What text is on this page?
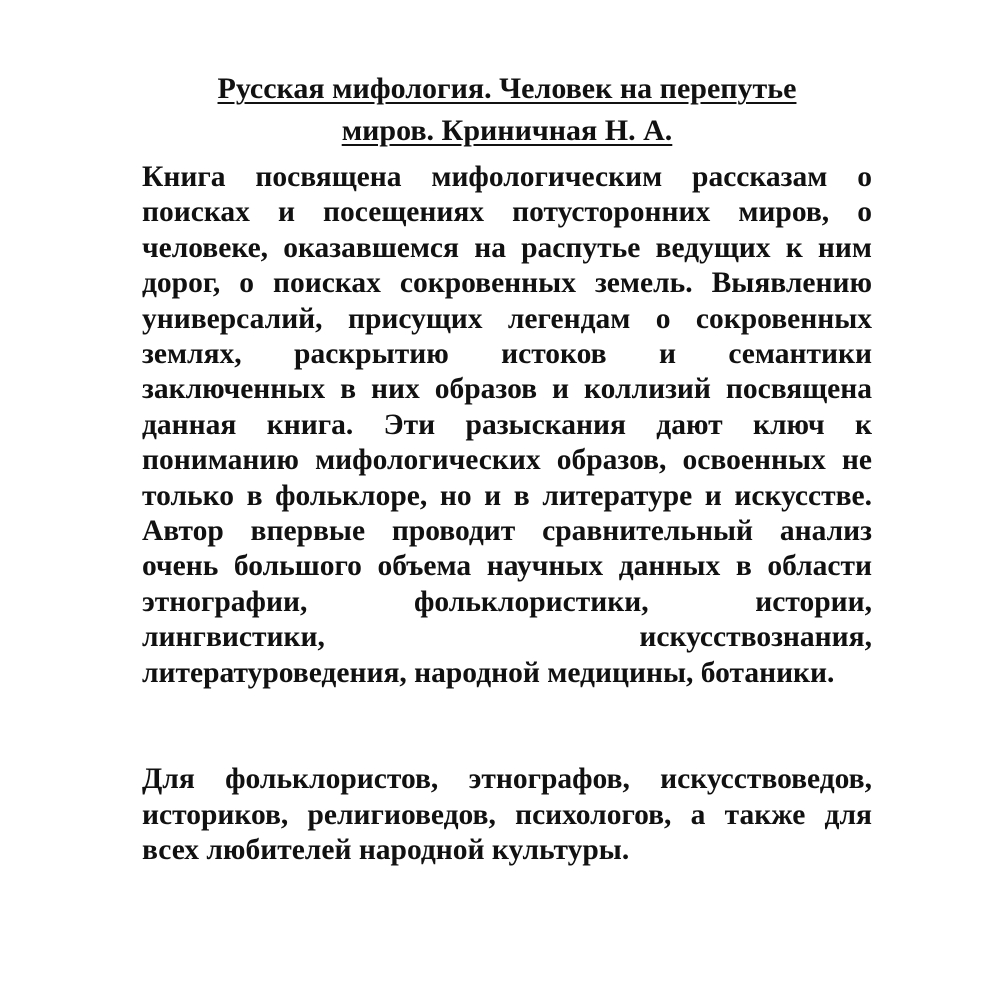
Русская мифология. Человек на перепутье
миров. Криничная Н. А.
Книга посвящена мифологическим рассказам о
поисках и посещениях потусторонних миров, о
человеке, оказавшемся на распутье ведущих к ним
дорог, о поисках сокровенных земель. Выявлению
универсалий, присущих легендам о сокровенных
землях, раскрытию истоков и семантики
заключенных в них образов и коллизий посвящена
данная книга. Эти разыскания дают ключ к
пониманию мифологических образов, освоенных не
только в фольклоре, но и в литературе и искусстве.
Автор впервые проводит сравнительный анализ
очень большого объема научных данных в области
этнографии, фольклористики, истории,
лингвистики, искусствознания,
литературоведения, народной медицины, ботаники.
Для фольклористов, этнографов, искусствоведов,
историков, религиоведов, психологов, а также для
всех любителей народной культуры.
